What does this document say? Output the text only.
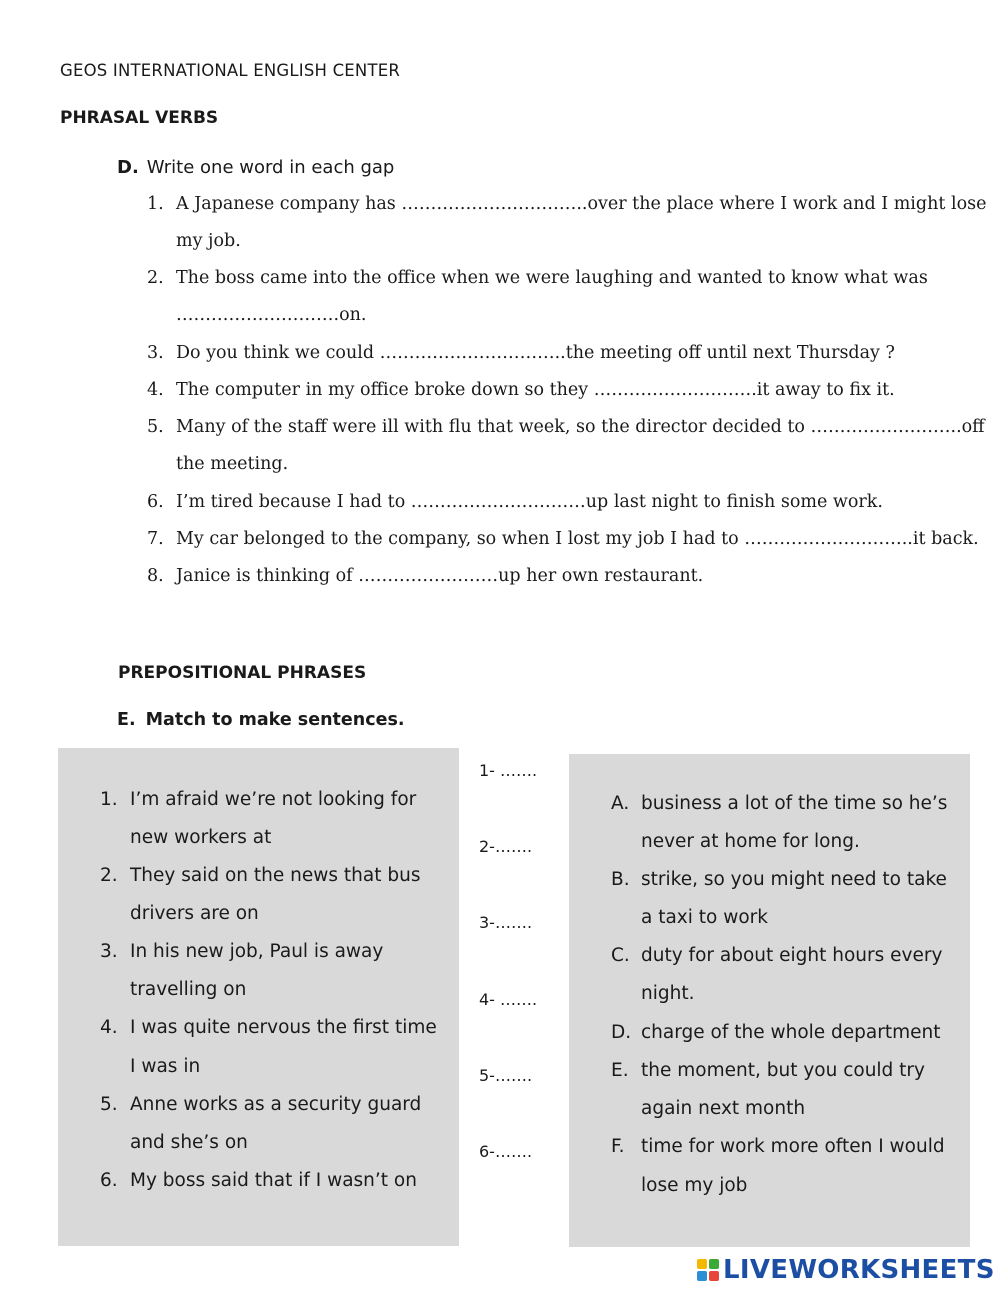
GEOS INTERNATIONAL ENGLISH CENTER
PHRASAL VERBS
D. Write one word in each gap
1. A Japanese company has …………………………..over the place where I work and I might lose
my job.
2. The boss came into the office when we were laughing and wanted to know what was
……………………….on.
3. Do you think we could …………………………..the meeting off until next Thursday ?
4. The computer in my office broke down so they ……………………….it away to fix it.
5. Many of the staff were ill with flu that week, so the director decided to ……………………..off
the meeting.
6. I’m tired because I had to …………………………up last night to finish some work.
7. My car belonged to the company, so when I lost my job I had to ………………………..it back.
8. Janice is thinking of ……………………up her own restaurant.
PREPOSITIONAL PHRASES
E. Match to make sentences.
1. I’m afraid we’re not looking for
new workers at
2. They said on the news that bus
drivers are on
3. In his new job, Paul is away
travelling on
4. I was quite nervous the first time
I was in
5. Anne works as a security guard
and she’s on
6. My boss said that if I wasn’t on
1- …….
2-…….
3-…….
4- …….
5-…….
6-…….
A. business a lot of the time so he’s
never at home for long.
B. strike, so you might need to take
a taxi to work
C. duty for about eight hours every
night.
D. charge of the whole department
E. the moment, but you could try
again next month
F. time for work more often I would
lose my job
LIVEWORKSHEETS
